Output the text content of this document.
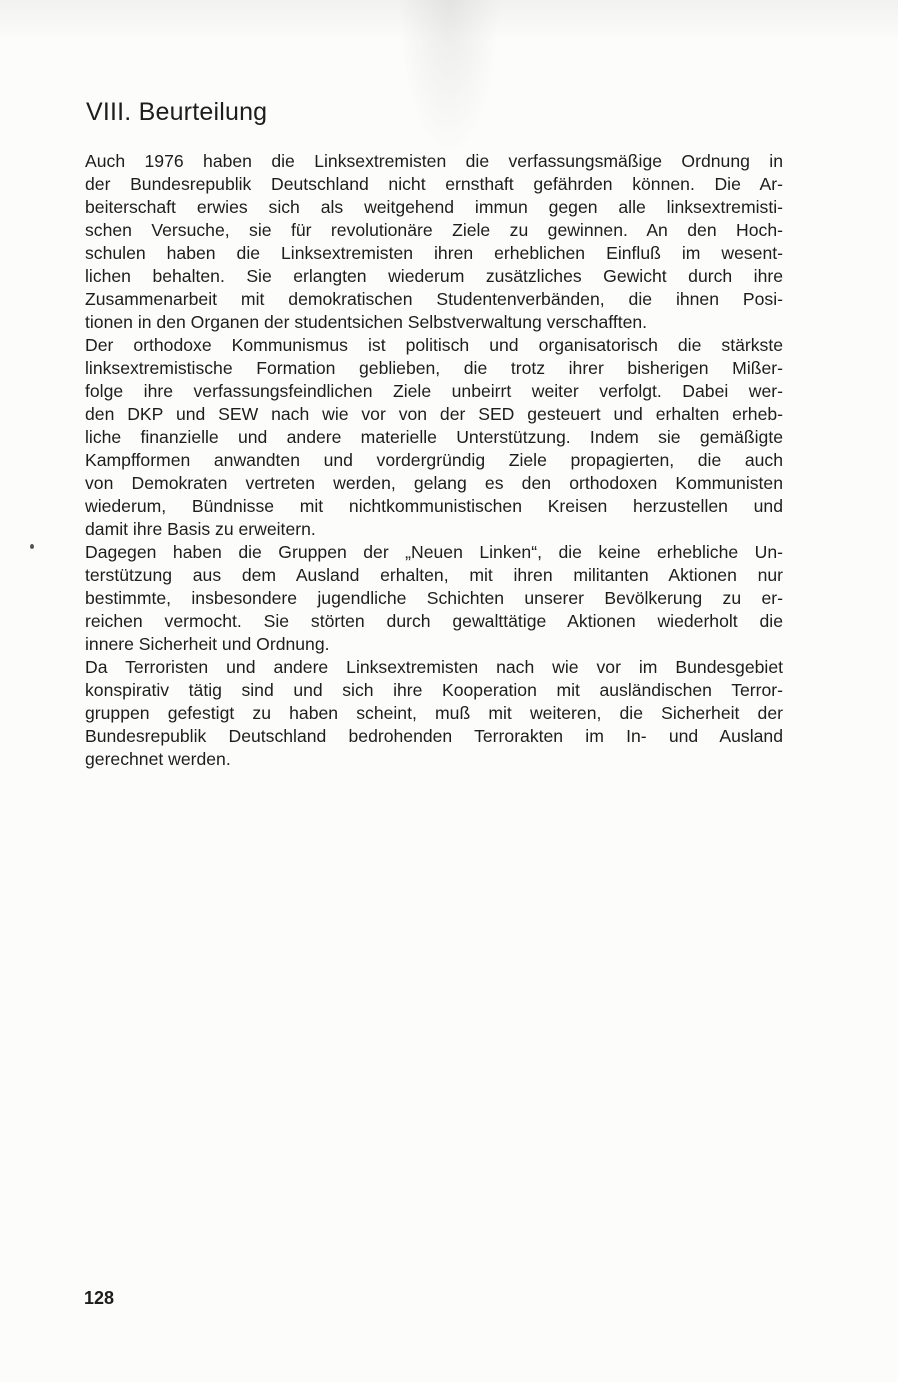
VIII. Beurteilung
Auch 1976 haben die Linksextremisten die verfassungsmäßige Ordnung in
der Bundesrepublik Deutschland nicht ernsthaft gefährden können. Die Ar-
beiterschaft erwies sich als weitgehend immun gegen alle linksextremisti-
schen Versuche, sie für revolutionäre Ziele zu gewinnen. An den Hoch-
schulen haben die Linksextremisten ihren erheblichen Einfluß im wesent-
lichen behalten. Sie erlangten wiederum zusätzliches Gewicht durch ihre
Zusammenarbeit mit demokratischen Studentenverbänden, die ihnen Posi-
tionen in den Organen der studentsichen Selbstverwaltung verschafften.
Der orthodoxe Kommunismus ist politisch und organisatorisch die stärkste
linksextremistische Formation geblieben, die trotz ihrer bisherigen Mißer-
folge ihre verfassungsfeindlichen Ziele unbeirrt weiter verfolgt. Dabei wer-
den DKP und SEW nach wie vor von der SED gesteuert und erhalten erheb-
liche finanzielle und andere materielle Unterstützung. Indem sie gemäßigte
Kampfformen anwandten und vordergründig Ziele propagierten, die auch
von Demokraten vertreten werden, gelang es den orthodoxen Kommunisten
wiederum, Bündnisse mit nichtkommunistischen Kreisen herzustellen und
damit ihre Basis zu erweitern.
Dagegen haben die Gruppen der „Neuen Linken“, die keine erhebliche Un-
terstützung aus dem Ausland erhalten, mit ihren militanten Aktionen nur
bestimmte, insbesondere jugendliche Schichten unserer Bevölkerung zu er-
reichen vermocht. Sie störten durch gewalttätige Aktionen wiederholt die
innere Sicherheit und Ordnung.
Da Terroristen und andere Linksextremisten nach wie vor im Bundesgebiet
konspirativ tätig sind und sich ihre Kooperation mit ausländischen Terror-
gruppen gefestigt zu haben scheint, muß mit weiteren, die Sicherheit der
Bundesrepublik Deutschland bedrohenden Terrorakten im In- und Ausland
gerechnet werden.
128
